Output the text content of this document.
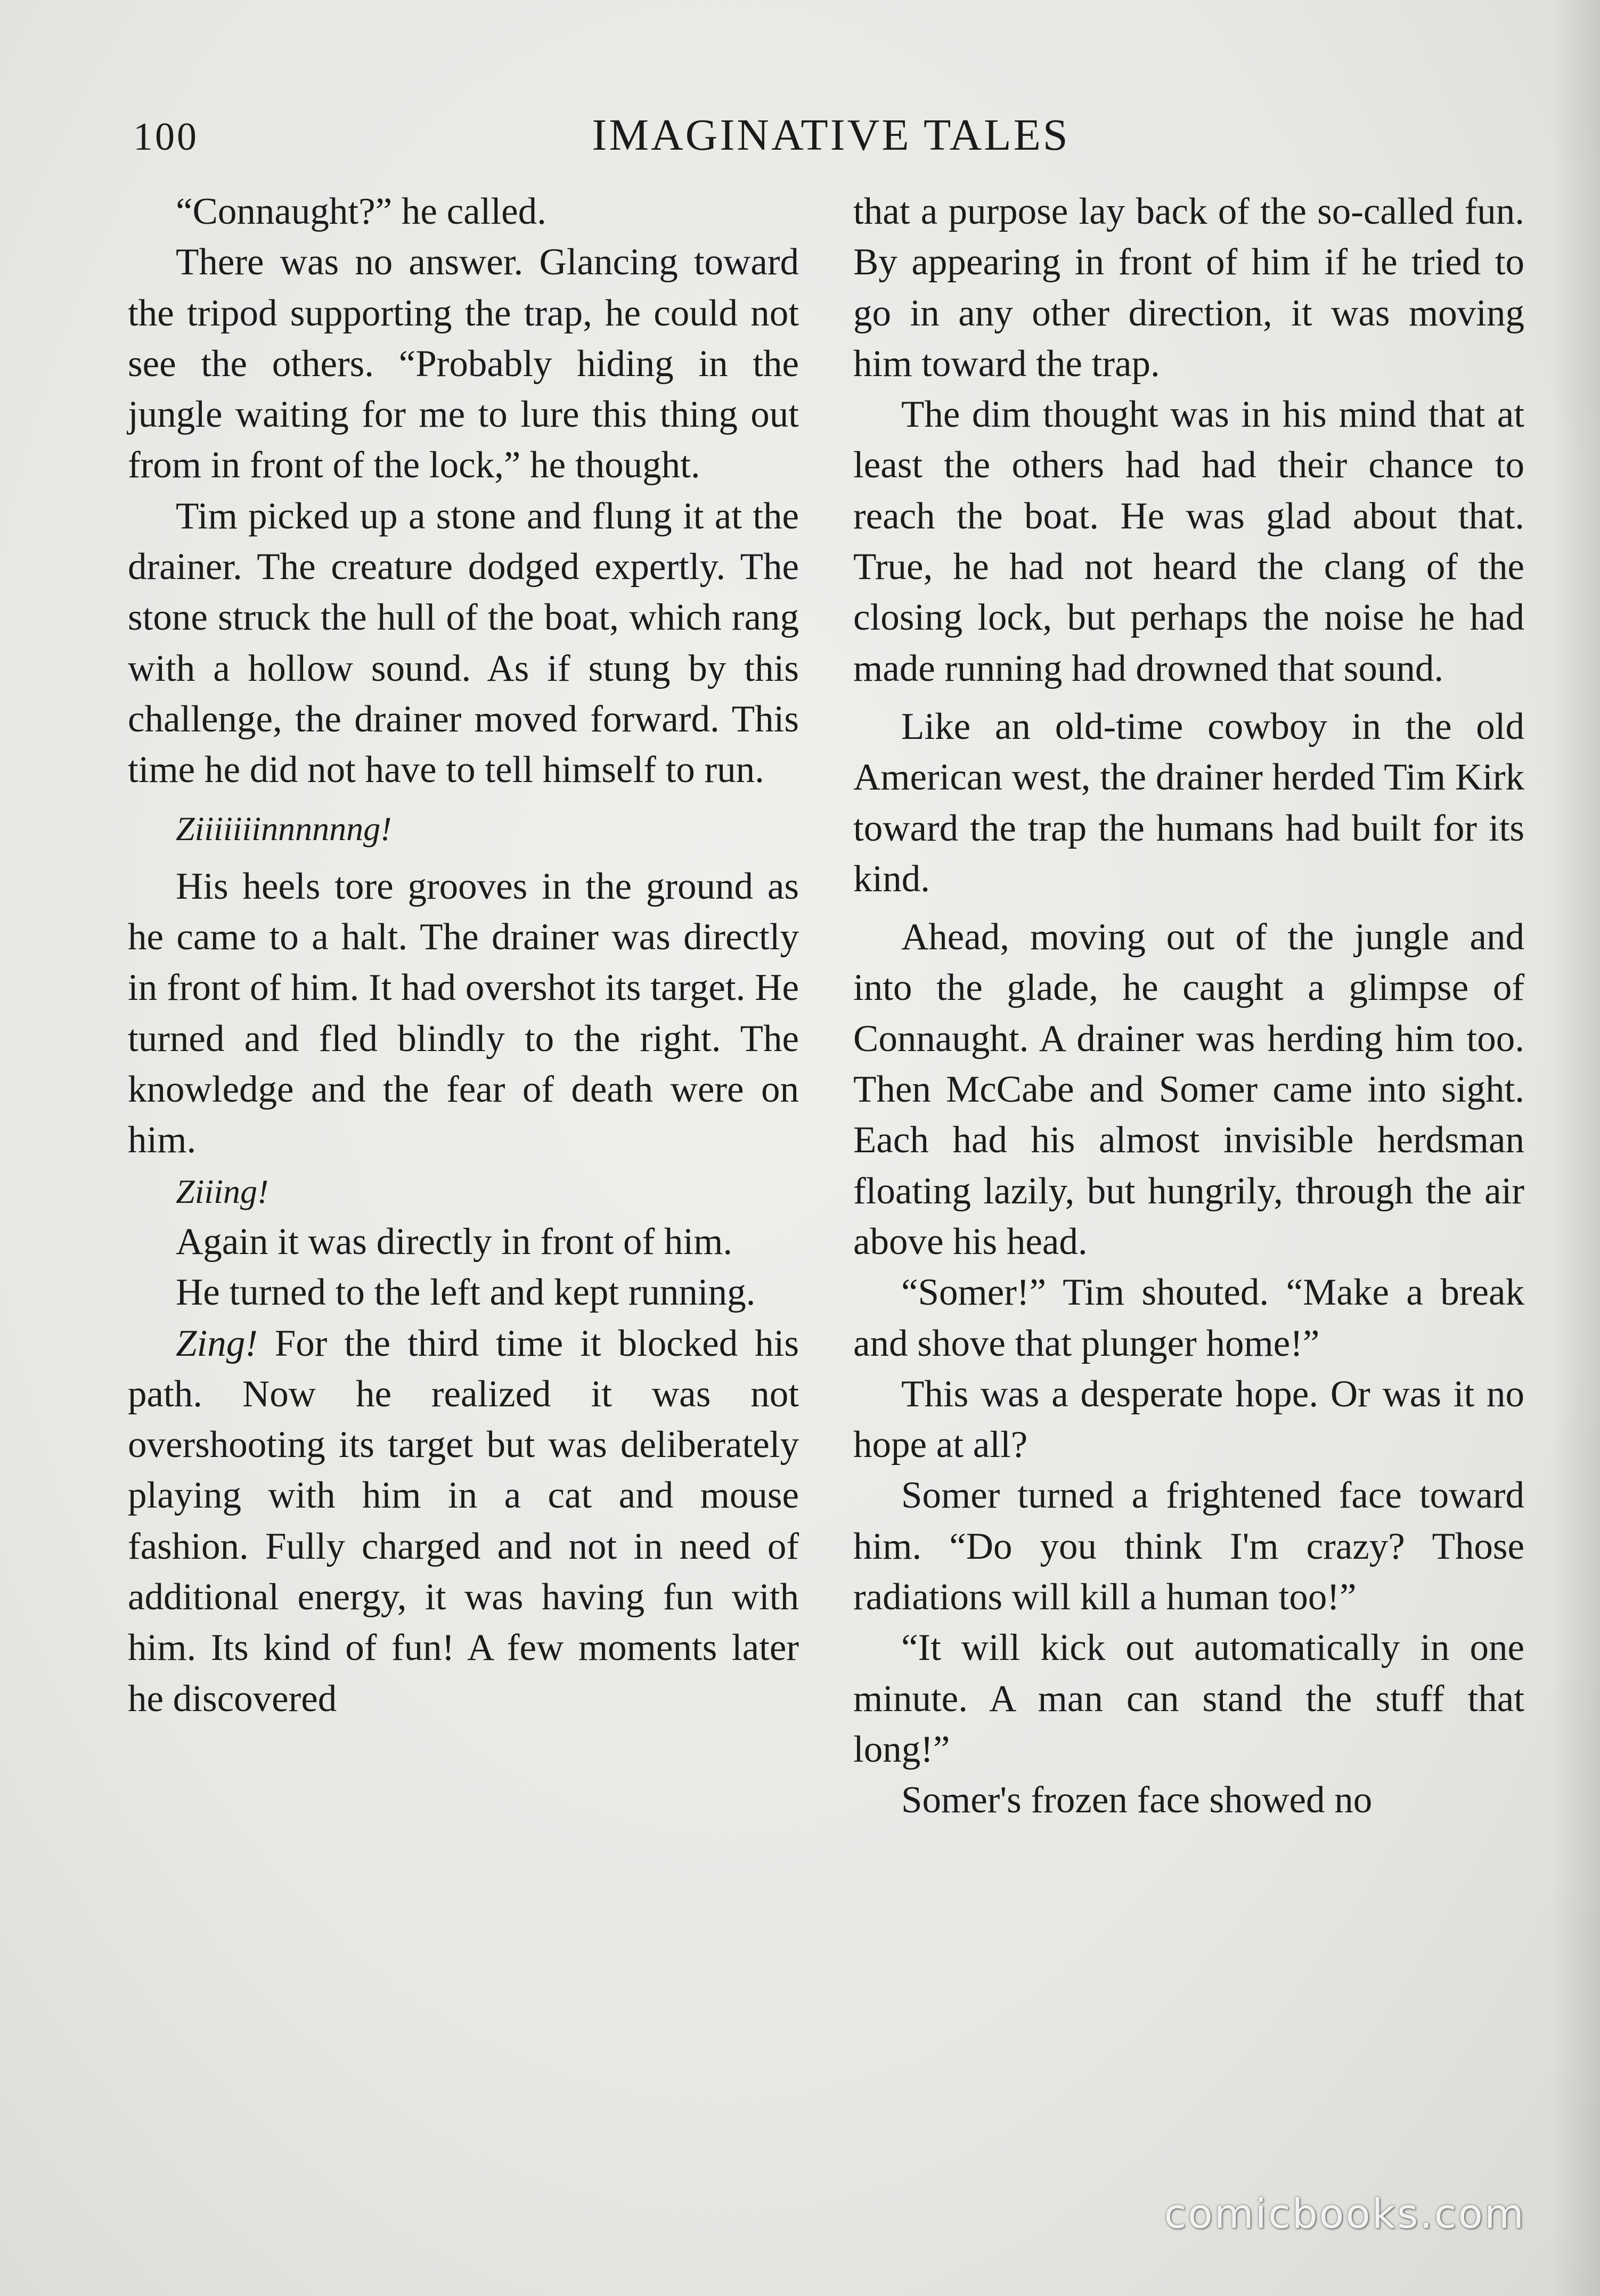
100	IMAGINATIVE TALES

“Connaught?” he called.

There was no answer. Glancing toward the tripod supporting the trap, he could not see the others. “Probably hiding in the jungle waiting for me to lure this thing out from in front of the lock,” he thought.

Tim picked up a stone and flung it at the drainer. The creature dodged expertly. The stone struck the hull of the boat, which rang with a hollow sound. As if stung by this challenge, the drainer moved forward. This time he did not have to tell himself to run.

Ziiiiiiinnnnnng!

His heels tore grooves in the ground as he came to a halt. The drainer was directly in front of him. It had overshot its target. He turned and fled blindly to the right. The knowledge and the fear of death were on him.

Ziiing!

Again it was directly in front of him.

He turned to the left and kept running.

Zing! For the third time it blocked his path. Now he realized it was not overshooting its target but was deliberately playing with him in a cat and mouse fashion. Fully charged and not in need of additional energy, it was having fun with him. Its kind of fun! A few moments later he discovered

that a purpose lay back of the so-called fun. By appearing in front of him if he tried to go in any other direction, it was moving him toward the trap.

The dim thought was in his mind that at least the others had had their chance to reach the boat. He was glad about that. True, he had not heard the clang of the closing lock, but perhaps the noise he had made running had drowned that sound.

Like an old-time cowboy in the old American west, the drainer herded Tim Kirk toward the trap the humans had built for its kind.

Ahead, moving out of the jungle and into the glade, he caught a glimpse of Connaught. A drainer was herding him too. Then McCabe and Somer came into sight. Each had his almost invisible herdsman floating lazily, but hungrily, through the air above his head.

“Somer!” Tim shouted. “Make a break and shove that plunger home!”

This was a desperate hope. Or was it no hope at all?

Somer turned a frightened face toward him. “Do you think I'm crazy? Those radiations will kill a human too!”

“It will kick out automatically in one minute. A man can stand the stuff that long!”

Somer's frozen face showed no

comicbooks.com
